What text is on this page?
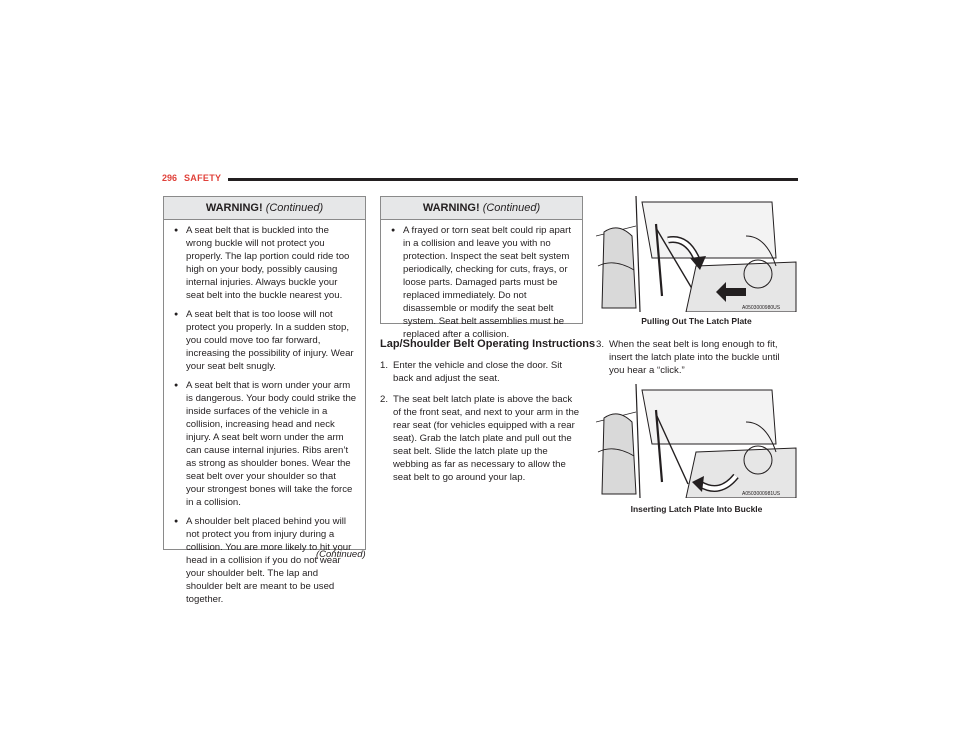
296 SAFETY
WARNING! (Continued)
● A seat belt that is buckled into the wrong buckle will not protect you properly. The lap portion could ride too high on your body, possibly causing internal injuries. Always buckle your seat belt into the buckle nearest you.
● A seat belt that is too loose will not protect you properly. In a sudden stop, you could move too far forward, increasing the possibility of injury. Wear your seat belt snugly.
● A seat belt that is worn under your arm is dangerous. Your body could strike the inside surfaces of the vehicle in a collision, increasing head and neck injury. A seat belt worn under the arm can cause internal injuries. Ribs aren’t as strong as shoulder bones. Wear the seat belt over your shoulder so that your strongest bones will take the force in a collision.
● A shoulder belt placed behind you will not protect you from injury during a collision. You are more likely to hit your head in a collision if you do not wear your shoulder belt. The lap and shoulder belt are meant to be used together.
(Continued)
WARNING! (Continued)
● A frayed or torn seat belt could rip apart in a collision and leave you with no protection. Inspect the seat belt system periodically, checking for cuts, frays, or loose parts. Damaged parts must be replaced immediately. Do not disassemble or modify the seat belt system. Seat belt assemblies must be replaced after a collision.
Lap/Shoulder Belt Operating Instructions
1. Enter the vehicle and close the door. Sit back and adjust the seat.
2. The seat belt latch plate is above the back of the front seat, and next to your arm in the rear seat (for vehicles equipped with a rear seat). Grab the latch plate and pull out the seat belt. Slide the latch plate up the webbing as far as necessary to allow the seat belt to go around your lap.
A0503000980US
Pulling Out The Latch Plate
3. When the seat belt is long enough to fit, insert the latch plate into the buckle until you hear a “click.”
A0503000981US
Inserting Latch Plate Into Buckle
